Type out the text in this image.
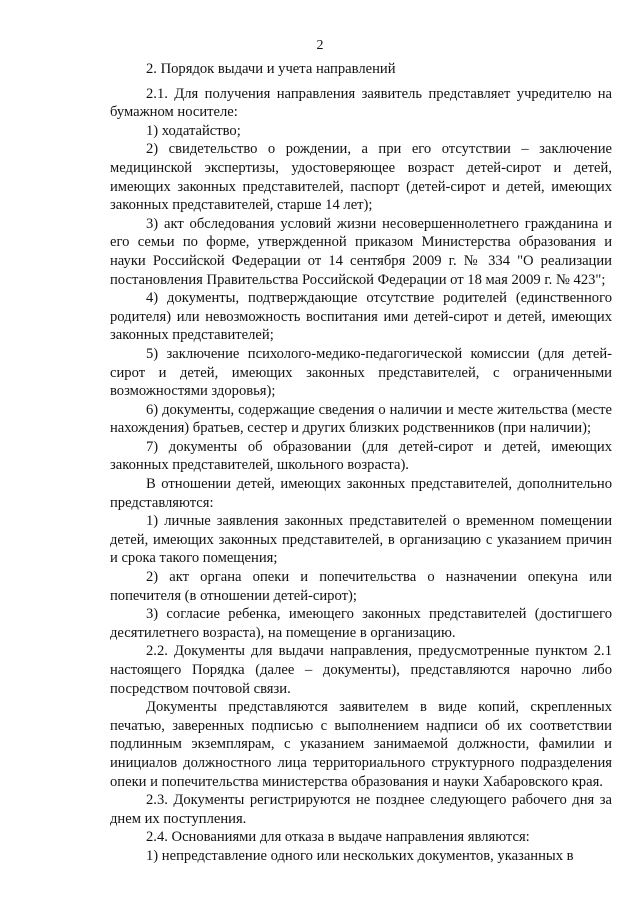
2

2. Порядок выдачи и учета направлений

2.1. Для получения направления заявитель представляет учредителю на бумажном носителе:

1) ходатайство;

2) свидетельство о рождении, а при его отсутствии – заключение медицинской экспертизы, удостоверяющее возраст детей-сирот и детей, имеющих законных представителей, паспорт (детей-сирот и детей, имеющих законных представителей, старше 14 лет);

3) акт обследования условий жизни несовершеннолетнего гражданина и его семьи по форме, утвержденной приказом Министерства образования и науки Российской Федерации от 14 сентября 2009 г. № 334 "О реализации постановления Правительства Российской Федерации от 18 мая 2009 г. № 423";

4) документы, подтверждающие отсутствие родителей (единственного родителя) или невозможность воспитания ими детей-сирот и детей, имеющих законных представителей;

5) заключение психолого-медико-педагогической комиссии (для детей-сирот и детей, имеющих законных представителей, с ограниченными возможностями здоровья);

6) документы, содержащие сведения о наличии и месте жительства (месте нахождения) братьев, сестер и других близких родственников (при наличии);

7) документы об образовании (для детей-сирот и детей, имеющих законных представителей, школьного возраста).

В отношении детей, имеющих законных представителей, дополнительно представляются:

1) личные заявления законных представителей о временном помещении детей, имеющих законных представителей, в организацию с указанием причин и срока такого помещения;

2) акт органа опеки и попечительства о назначении опекуна или попечителя (в отношении детей-сирот);

3) согласие ребенка, имеющего законных представителей (достигшего десятилетнего возраста), на помещение в организацию.

2.2. Документы для выдачи направления, предусмотренные пунктом 2.1 настоящего Порядка (далее – документы), представляются нарочно либо посредством почтовой связи.

Документы представляются заявителем в виде копий, скрепленных печатью, заверенных подписью с выполнением надписи об их соответствии подлинным экземплярам, с указанием занимаемой должности, фамилии и инициалов должностного лица территориального структурного подразделения опеки и попечительства министерства образования и науки Хабаровского края.

2.3. Документы регистрируются не позднее следующего рабочего дня за днем их поступления.

2.4. Основаниями для отказа в выдаче направления являются:

1) непредставление одного или нескольких документов, указанных в
